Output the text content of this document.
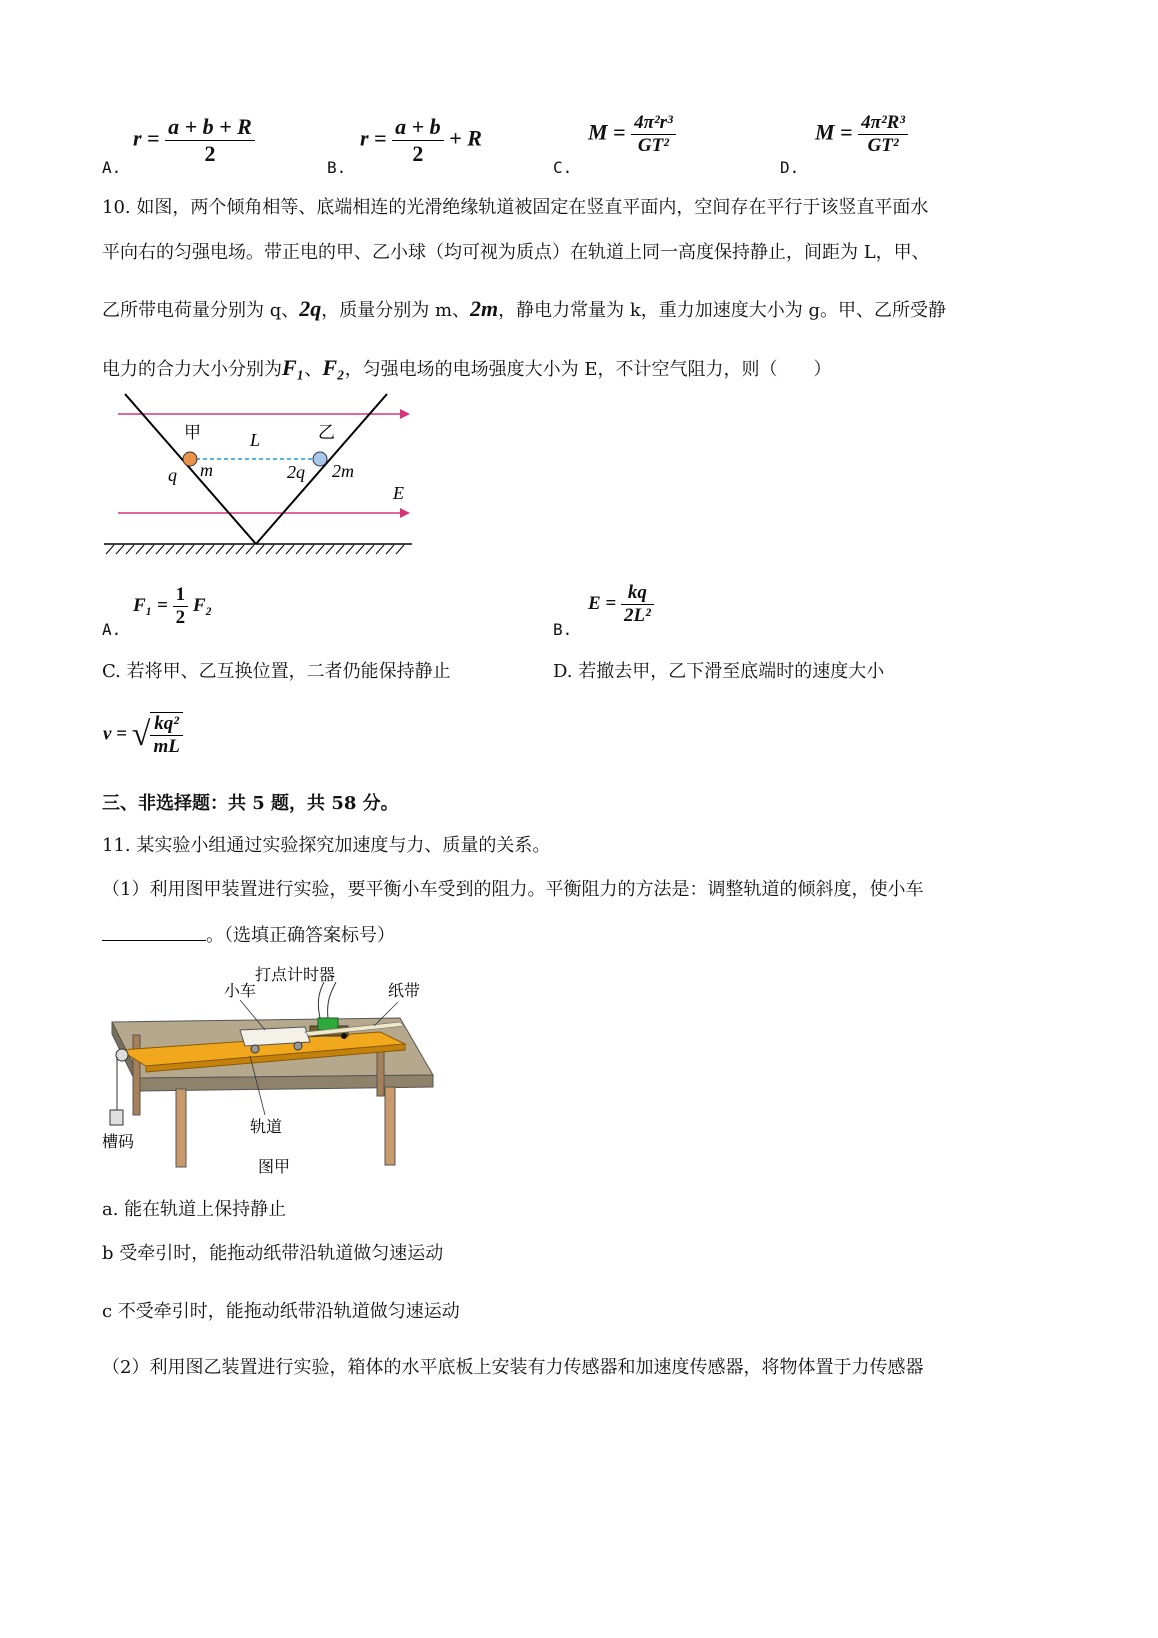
A.
$r = \frac{a + b + R}{2}$
B.
$r = \frac{a + b}{2} + R$
C.
$M = \frac{\text{4π²r³}}{\text{GT²}}$
D.
$M = \frac{\text{4π²R³}}{\text{GT²}}$
10. 如图，两个倾角相等、底端相连的光滑绝缘轨道被固定在竖直平面内，空间存在平行于该竖直平面水
平向右的匀强电场。带正电的甲、乙小球（均可视为质点）在轨道上同一高度保持静止，间距为 L，甲、
乙所带电荷量分别为 q、2q，质量分别为 m、2m，静电力常量为 k，重力加速度大小为 g。甲、乙所受静
电力的合力大小分别为F₁、F₂，匀强电场的电场强度大小为 E，不计空气阻力，则（　　）
甲	乙
L
q m	2q 2m
E
A.
$F_1 = \frac{1}{2} F_2$
B.
$E = \frac{kq}{\text{2L²}}$
C. 若将甲、乙互换位置，二者仍能保持静止	D. 若撤去甲，乙下滑至底端时的速度大小
v = √ $\frac{\text{kq²}}{mL}$
三、非选择题：共 5 题，共 58 分。
11. 某实验小组通过实验探究加速度与力、质量的关系。
（1）利用图甲装置进行实验，要平衡小车受到的阻力。平衡阻力的方法是：调整轨道的倾斜度，使小车
。（选填正确答案标号）
打点计时器
小车	纸带
轨道
槽码
图甲
a. 能在轨道上保持静止
b 受牵引时，能拖动纸带沿轨道做匀速运动
c 不受牵引时，能拖动纸带沿轨道做匀速运动
（2）利用图乙装置进行实验，箱体的水平底板上安装有力传感器和加速度传感器，将物体置于力传感器
